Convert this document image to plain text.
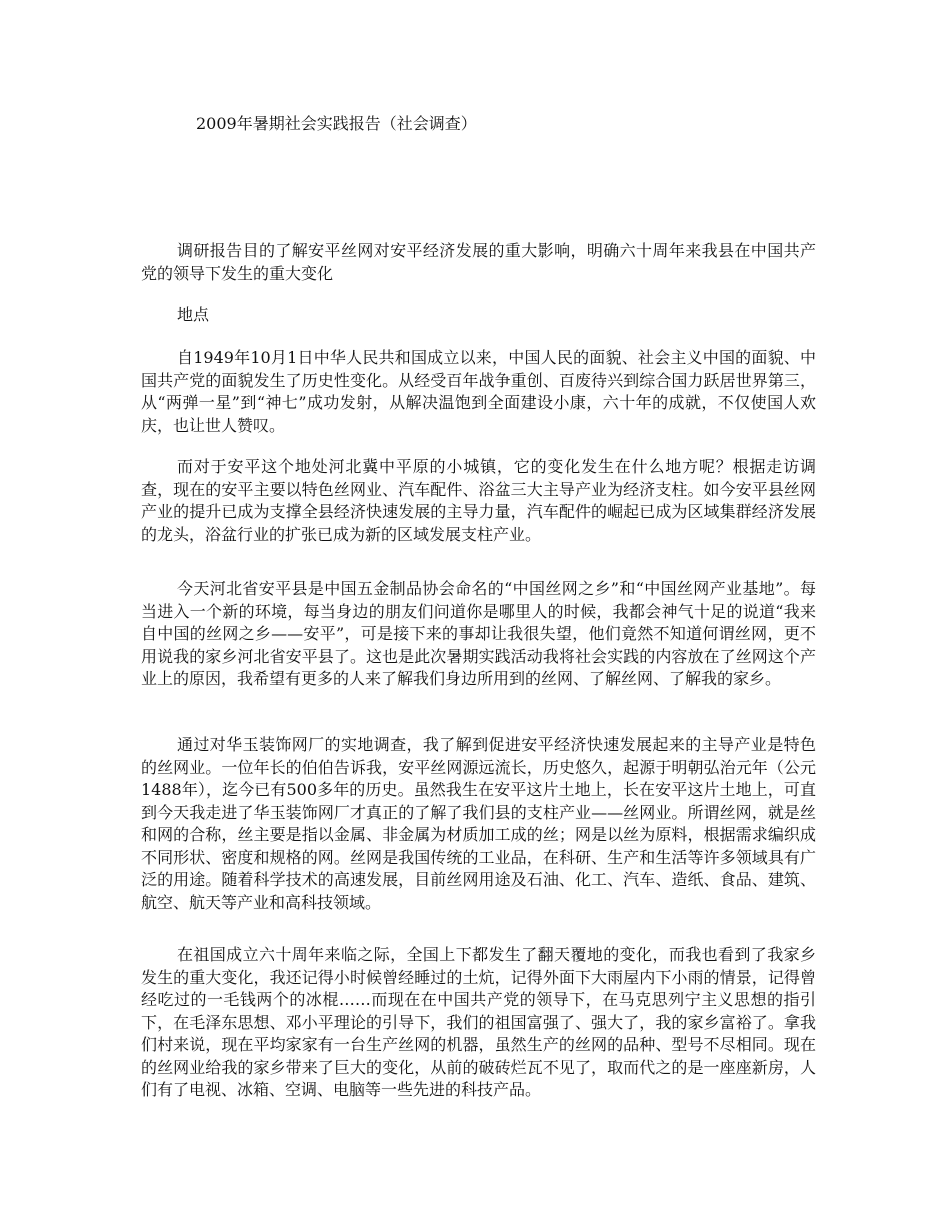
2009年暑期社会实践报告（社会调查）

调研报告目的了解安平丝网对安平经济发展的重大影响，明确六十周年来我县在中国共产党的领导下发生的重大变化

地点

自1949年10月1日中华人民共和国成立以来，中国人民的面貌、社会主义中国的面貌、中国共产党的面貌发生了历史性变化。从经受百年战争重创、百废待兴到综合国力跃居世界第三，从“两弹一星”到“神七”成功发射，从解决温饱到全面建设小康，六十年的成就，不仅使国人欢庆，也让世人赞叹。

而对于安平这个地处河北冀中平原的小城镇，它的变化发生在什么地方呢？根据走访调查，现在的安平主要以特色丝网业、汽车配件、浴盆三大主导产业为经济支柱。如今安平县丝网产业的提升已成为支撑全县经济快速发展的主导力量，汽车配件的崛起已成为区域集群经济发展的龙头，浴盆行业的扩张已成为新的区域发展支柱产业。

今天河北省安平县是中国五金制品协会命名的“中国丝网之乡”和“中国丝网产业基地”。每当进入一个新的环境，每当身边的朋友们问道你是哪里人的时候，我都会神气十足的说道“我来自中国的丝网之乡——安平”，可是接下来的事却让我很失望，他们竟然不知道何谓丝网，更不用说我的家乡河北省安平县了。这也是此次暑期实践活动我将社会实践的内容放在了丝网这个产业上的原因，我希望有更多的人来了解我们身边所用到的丝网、了解丝网、了解我的家乡。

通过对华玉装饰网厂的实地调查，我了解到促进安平经济快速发展起来的主导产业是特色的丝网业。一位年长的伯伯告诉我，安平丝网源远流长，历史悠久，起源于明朝弘治元年（公元1488年），迄今已有500多年的历史。虽然我生在安平这片土地上，长在安平这片土地上，可直到今天我走进了华玉装饰网厂才真正的了解了我们县的支柱产业——丝网业。所谓丝网，就是丝和网的合称，丝主要是指以金属、非金属为材质加工成的丝；网是以丝为原料，根据需求编织成不同形状、密度和规格的网。丝网是我国传统的工业品，在科研、生产和生活等许多领域具有广泛的用途。随着科学技术的高速发展，目前丝网用途及石油、化工、汽车、造纸、食品、建筑、航空、航天等产业和高科技领域。

在祖国成立六十周年来临之际，全国上下都发生了翻天覆地的变化，而我也看到了我家乡发生的重大变化，我还记得小时候曾经睡过的土炕，记得外面下大雨屋内下小雨的情景，记得曾经吃过的一毛钱两个的冰棍……而现在在中国共产党的领导下，在马克思列宁主义思想的指引下，在毛泽东思想、邓小平理论的引导下，我们的祖国富强了、强大了，我的家乡富裕了。拿我们村来说，现在平均家家有一台生产丝网的机器，虽然生产的丝网的品种、型号不尽相同。现在的丝网业给我的家乡带来了巨大的变化，从前的破砖烂瓦不见了，取而代之的是一座座新房，人们有了电视、冰箱、空调、电脑等一些先进的科技产品。
